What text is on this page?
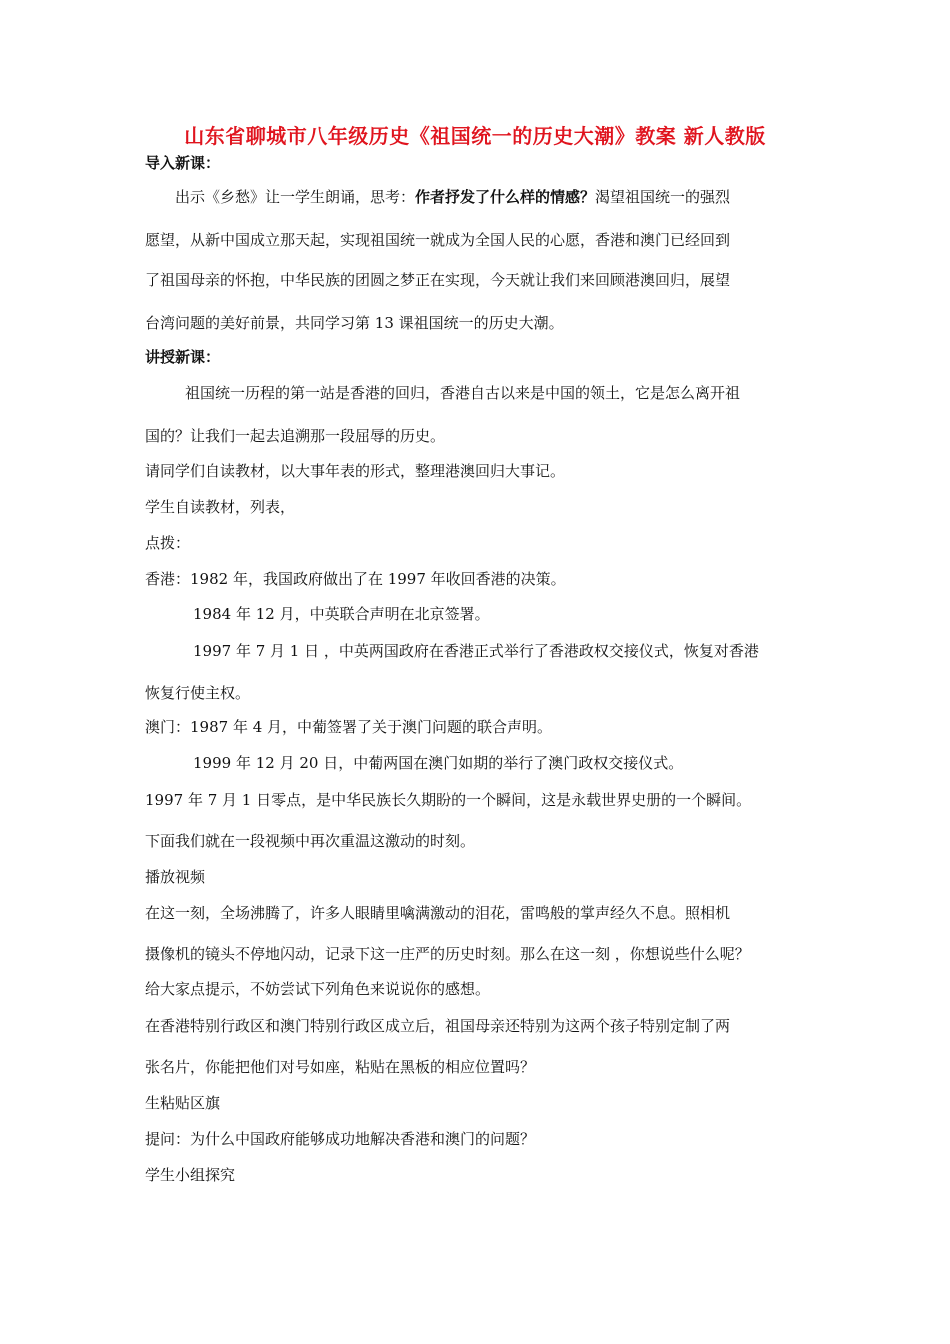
山东省聊城市八年级历史《祖国统一的历史大潮》教案 新人教版
导入新课：
出示《乡愁》让一学生朗诵，思考：作者抒发了什么样的情感？渴望祖国统一的强烈
愿望，从新中国成立那天起，实现祖国统一就成为全国人民的心愿，香港和澳门已经回到
了祖国母亲的怀抱，中华民族的团圆之梦正在实现，今天就让我们来回顾港澳回归，展望
台湾问题的美好前景，共同学习第 13 课祖国统一的历史大潮。
讲授新课：
祖国统一历程的第一站是香港的回归，香港自古以来是中国的领土，它是怎么离开祖
国的？让我们一起去追溯那一段屈辱的历史。
请同学们自读教材，以大事年表的形式，整理港澳回归大事记。
学生自读教材，列表，
点拨：
香港：1982 年，我国政府做出了在 1997 年收回香港的决策。
1984 年 12 月，中英联合声明在北京签署。
1997 年 7 月 1 日 ，中英两国政府在香港正式举行了香港政权交接仪式，恢复对香港
恢复行使主权。
澳门：1987 年 4 月，中葡签署了关于澳门问题的联合声明。
1999 年 12 月 20 日，中葡两国在澳门如期的举行了澳门政权交接仪式。
1997 年 7 月 1 日零点，是中华民族长久期盼的一个瞬间，这是永载世界史册的一个瞬间。
下面我们就在一段视频中再次重温这激动的时刻。
播放视频
在这一刻，全场沸腾了，许多人眼睛里噙满激动的泪花，雷鸣般的掌声经久不息。照相机
摄像机的镜头不停地闪动，记录下这一庄严的历史时刻。那么在这一刻 ，你想说些什么呢？
给大家点提示，不妨尝试下列角色来说说你的感想。
在香港特别行政区和澳门特别行政区成立后，祖国母亲还特别为这两个孩子特别定制了两
张名片，你能把他们对号如座，粘贴在黑板的相应位置吗？
生粘贴区旗
提问：为什么中国政府能够成功地解决香港和澳门的问题？
学生小组探究
